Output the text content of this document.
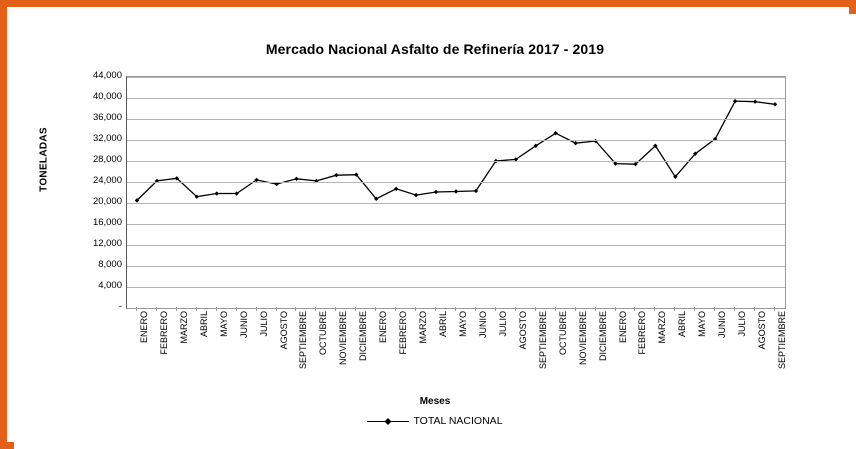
Mercado Nacional Asfalto de Refinería 2017 - 2019
TONELADAS
-
4,000
8,000
12,000
16,000
20,000
24,000
28,000
32,000
36,000
40,000
44,000
ENERO FEBRERO MARZO ABRIL MAYO JUNIO JULIO AGOSTO SEPTIEMBRE OCTUBRE NOVIEMBRE DICIEMBRE ENERO FEBRERO MARZO ABRIL MAYO JUNIO JULIO AGOSTO SEPTIEMBRE OCTUBRE NOVIEMBRE DICIEMBRE ENERO FEBRERO MARZO ABRIL MAYO JUNIO JULIO AGOSTO SEPTIEMBRE
Meses
TOTAL NACIONAL
